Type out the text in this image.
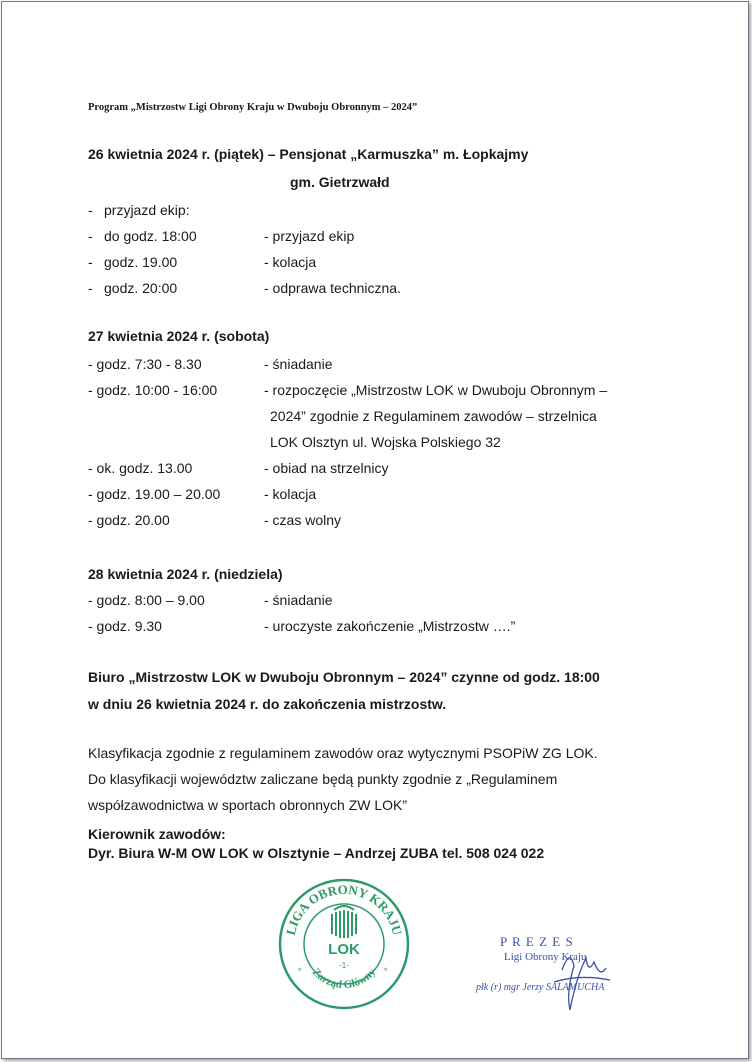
Program „Mistrzostw Ligi Obrony Kraju w Dwuboju Obronnym – 2024”
26 kwietnia 2024 r. (piątek) – Pensjonat „Karmuszka” m. Łopkajmy
gm. Gietrzwałd
- przyjazd ekip:
- do godz. 18:00	- przyjazd ekip
- godz. 19.00	- kolacja
- godz. 20:00	- odprawa techniczna.
27 kwietnia 2024 r. (sobota)
- godz. 7:30 - 8.30	- śniadanie
- godz. 10:00 - 16:00	- rozpoczęcie „Mistrzostw LOK w Dwuboju Obronnym –
2024” zgodnie z Regulaminem zawodów – strzelnica
LOK Olsztyn ul. Wojska Polskiego 32
- ok. godz. 13.00	- obiad na strzelnicy
- godz. 19.00 – 20.00	- kolacja
- godz. 20.00	- czas wolny
28 kwietnia 2024 r. (niedziela)
- godz. 8:00 – 9.00	- śniadanie
- godz. 9.30	- uroczyste zakończenie „Mistrzostw ….”
Biuro „Mistrzostw LOK w Dwuboju Obronnym – 2024” czynne od godz. 18:00
w dniu 26 kwietnia 2024 r. do zakończenia mistrzostw.
Klasyfikacja zgodnie z regulaminem zawodów oraz wytycznymi PSOPiW ZG LOK.
Do klasyfikacji województw zaliczane będą punkty zgodnie z „Regulaminem
współzawodnictwa w sportach obronnych ZW LOK”
Kierownik zawodów:
Dyr. Biura W-M OW LOK w Olsztynie – Andrzej ZUBA tel. 508 024 022
LIGA OBRONY KRAJU
Zarząd Główny
*	*
LOK
-1-
P R E Z E S
Ligi Obrony Kraju
płk (r) mgr Jerzy SALAMUCHA
